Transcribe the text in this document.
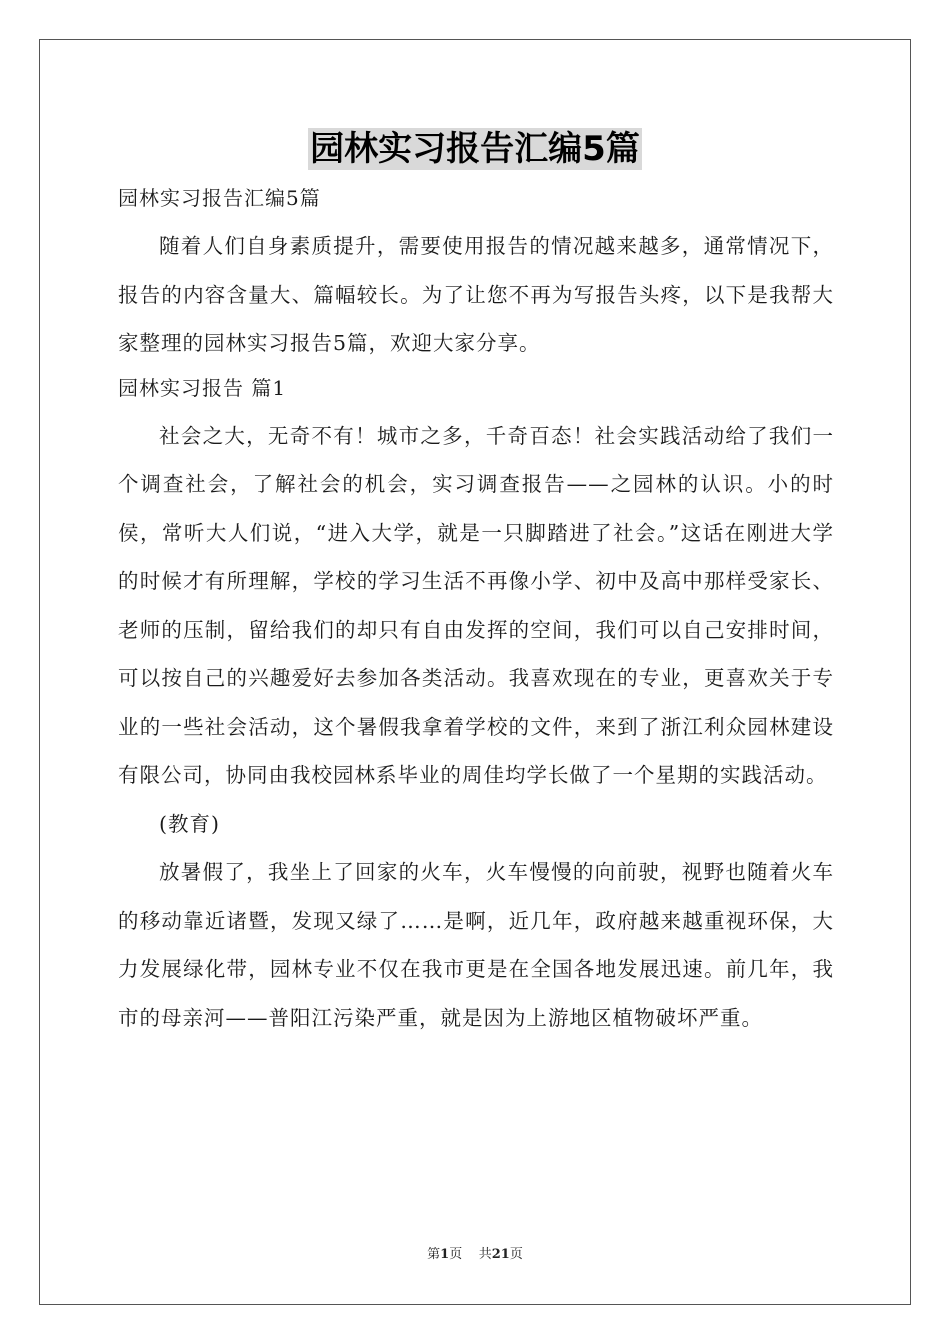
园林实习报告汇编5篇
园林实习报告汇编5篇

随着人们自身素质提升，需要使用报告的情况越来越多，通常情况下，报告的内容含量大、篇幅较长。为了让您不再为写报告头疼，以下是我帮大家整理的园林实习报告5篇，欢迎大家分享。

园林实习报告 篇1

社会之大，无奇不有！城市之多，千奇百态！社会实践活动给了我们一个调查社会，了解社会的机会，实习调查报告——之园林的认识。小的时侯，常听大人们说，“进入大学，就是一只脚踏进了社会。”这话在刚进大学的时候才有所理解，学校的学习生活不再像小学、初中及高中那样受家长、老师的压制，留给我们的却只有自由发挥的空间，我们可以自己安排时间，可以按自己的兴趣爱好去参加各类活动。我喜欢现在的专业，更喜欢关于专业的一些社会活动，这个暑假我拿着学校的文件，来到了浙江利众园林建设有限公司，协同由我校园林系毕业的周佳均学长做了一个星期的实践活动。

(教育)

放暑假了，我坐上了回家的火车，火车慢慢的向前驶，视野也随着火车的移动靠近诸暨，发现又绿了……是啊，近几年，政府越来越重视环保，大力发展绿化带，园林专业不仅在我市更是在全国各地发展迅速。前几年，我市的母亲河——普阳江污染严重，就是因为上游地区植物破坏严重。

第1页 共21页
